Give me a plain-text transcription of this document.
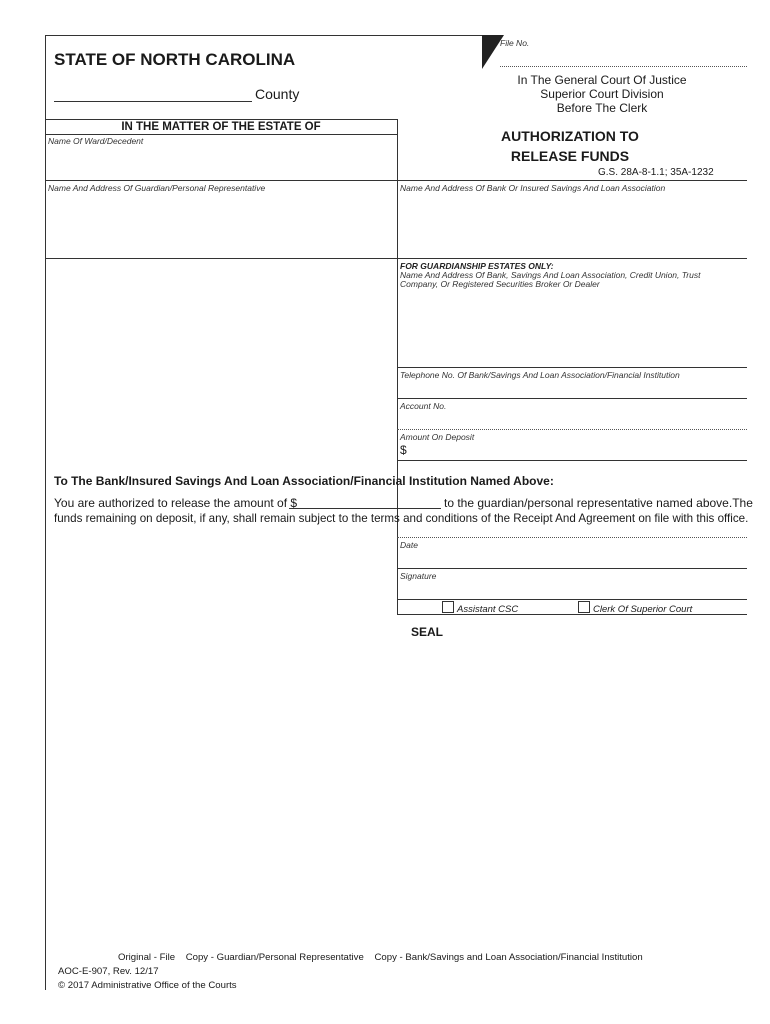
File No.
STATE OF NORTH CAROLINA
County
In The General Court Of Justice
Superior Court Division
Before The Clerk
IN THE MATTER OF THE ESTATE OF
Name Of Ward/Decedent	AUTHORIZATION TO
RELEASE FUNDS
G.S. 28A-8-1.1; 35A-1232
Name And Address Of Guardian/Personal Representative	Name And Address Of Bank Or Insured Savings And Loan Association
FOR GUARDIANSHIP ESTATES ONLY:
Name And Address Of Bank, Savings And Loan Association, Credit Union, Trust
Company, Or Registered Securities Broker Or Dealer
Telephone No. Of Bank/Savings And Loan Association/Financial Institution
Account No.
Amount On Deposit
$
To The Bank/Insured Savings And Loan Association/Financial Institution Named Above:
You are authorized to release the amount of $	to the guardian/personal representative named above.The
funds remaining on deposit, if any, shall remain subject to the terms and conditions of the Receipt And Agreement on file with this office.
Date
Signature
Assistant CSC	Clerk Of Superior Court
SEAL
Original - File    Copy - Guardian/Personal Representative    Copy - Bank/Savings and Loan Association/Financial Institution
AOC-E-907, Rev. 12/17
© 2017 Administrative Office of the Courts
